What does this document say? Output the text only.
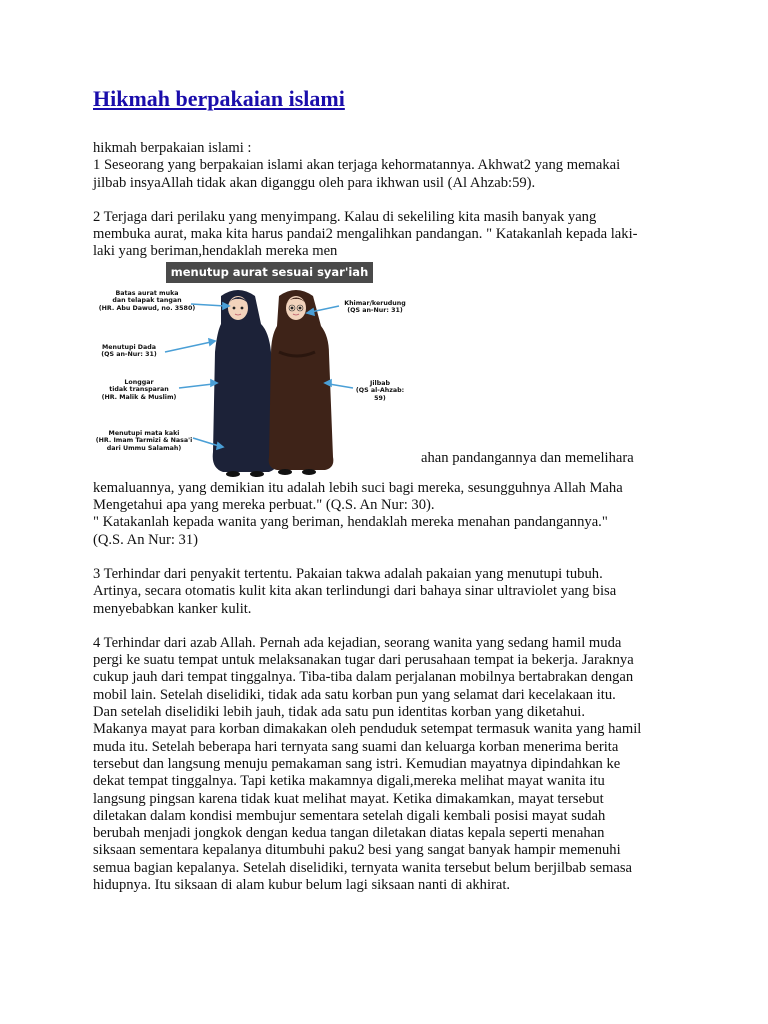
Hikmah berpakaian islami

hikmah berpakaian islami :

1 Seseorang yang berpakaian islami akan terjaga kehormatannya. Akhwat2 yang memakai

jilbab insyaAllah tidak akan diganggu oleh para ikhwan usil (Al Ahzab:59).

2 Terjaga dari perilaku yang menyimpang. Kalau di sekeliling kita masih banyak yang

membuka aurat, maka kita harus pandai2 mengalihkan pandangan. " Katakanlah kepada laki-

laki yang beriman,hendaklah mereka men

menutup aurat sesuai syar'iah
Batas aurat muka
dan telapak tangan
(HR. Abu Dawud, no. 3580)
Menutupi Dada
(QS an-Nur: 31)
Longgar
tidak transparan
(HR. Malik & Muslim)
Menutupi mata kaki
(HR. Imam Tarmizi & Nasa'i
dari Ummu Salamah)
Khimar/kerudung
(QS an-Nur: 31)
Jilbab
(QS al-Ahzab: 59)

ahan pandangannya dan memelihara

kemaluannya, yang demikian itu adalah lebih suci bagi mereka, sesungguhnya Allah Maha

Mengetahui apa yang mereka perbuat." (Q.S. An Nur: 30).

" Katakanlah kepada wanita yang beriman, hendaklah mereka menahan pandangannya."

(Q.S. An Nur: 31)

3 Terhindar dari penyakit tertentu. Pakaian takwa adalah pakaian yang menutupi tubuh.

Artinya, secara otomatis kulit kita akan terlindungi dari bahaya sinar ultraviolet yang bisa

menyebabkan kanker kulit.

4 Terhindar dari azab Allah. Pernah ada kejadian, seorang wanita yang sedang hamil muda

pergi ke suatu tempat untuk melaksanakan tugar dari perusahaan tempat ia bekerja. Jaraknya

cukup jauh dari tempat tinggalnya. Tiba-tiba dalam perjalanan mobilnya bertabrakan dengan

mobil lain. Setelah diselidiki, tidak ada satu korban pun yang selamat dari kecelakaan itu.

Dan setelah diselidiki lebih jauh, tidak ada satu pun identitas korban yang diketahui.

Makanya mayat para korban dimakakan oleh penduduk setempat termasuk wanita yang hamil

muda itu. Setelah beberapa hari ternyata sang suami dan keluarga korban menerima berita

tersebut dan langsung menuju pemakaman sang istri. Kemudian mayatnya dipindahkan ke

dekat tempat tinggalnya. Tapi ketika makamnya digali,mereka melihat mayat wanita itu

langsung pingsan karena tidak kuat melihat mayat. Ketika dimakamkan, mayat tersebut

diletakan dalam kondisi membujur sementara setelah digali kembali posisi mayat sudah

berubah menjadi jongkok dengan kedua tangan diletakan diatas kepala seperti menahan

siksaan sementara kepalanya ditumbuhi paku2 besi yang sangat banyak hampir memenuhi

semua bagian kepalanya. Setelah diselidiki, ternyata wanita tersebut belum berjilbab semasa

hidupnya. Itu siksaan di alam kubur belum lagi siksaan nanti di akhirat.
